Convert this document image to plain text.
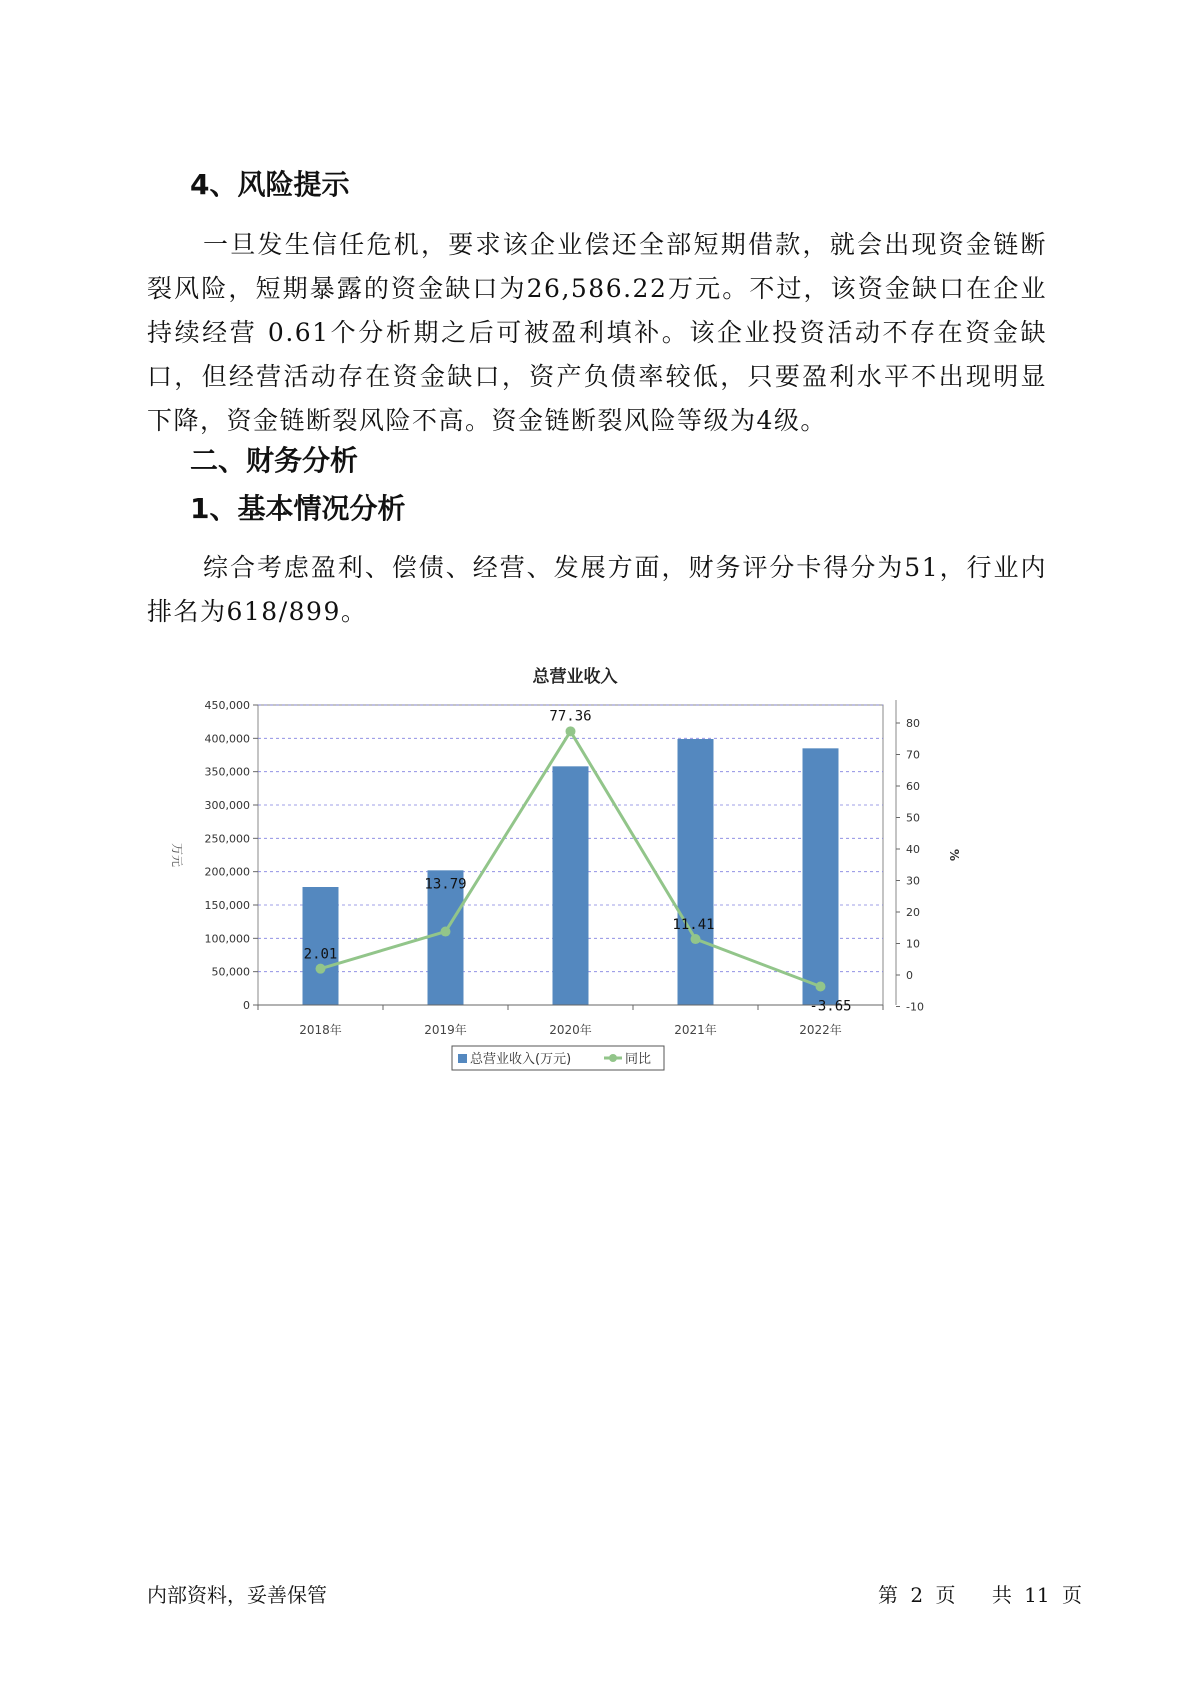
4、风险提示

一旦发生信任危机，要求该企业偿还全部短期借款，就会出现资金链断裂风险，短期暴露的资金缺口为26,586.22万元。不过，该资金缺口在企业持续经营 0.61个分析期之后可被盈利填补。该企业投资活动不存在资金缺口，但经营活动存在资金缺口，资产负债率较低，只要盈利水平不出现明显下降，资金链断裂风险不高。资金链断裂风险等级为4级。

二、财务分析
1、基本情况分析

综合考虑盈利、偿债、经营、发展方面，财务评分卡得分为51，行业内排名为618/899。

总营业收入
0
50,000
100,000
150,000
200,000
250,000
300,000
350,000
400,000
450,000
万元
-10
0
10
20
30
40
50
60
70
80
%
2018年	2019年	2020年	2021年	2022年
2.01
13.79
77.36
11.41
-3.65
总营业收入(万元)	同比
内部资料，妥善保管	第 2 页 共 11 页
